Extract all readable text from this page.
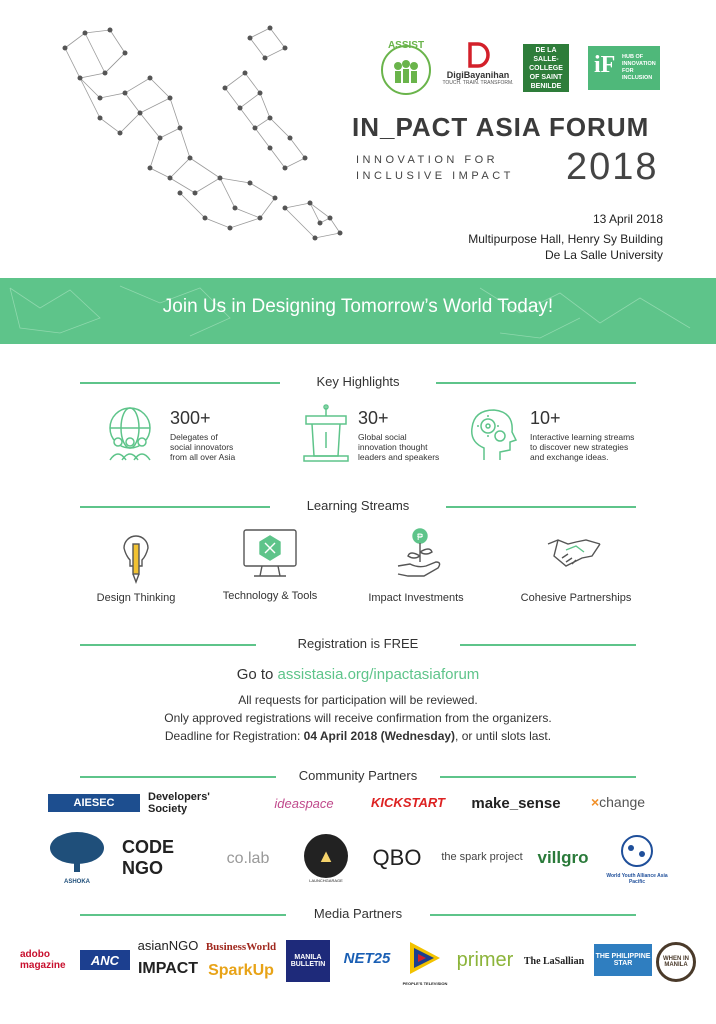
ASSIST
DigiBayanihan
TOUCH. TRAIN. TRANSFORM.
DE LA SALLE-COLLEGE OF SAINT BENILDE
iF HUB OF INNOVATION FOR INCLUSION
IN_PACT ASIA FORUM
INNOVATION FOR
INCLUSIVE IMPACT	2018
13 April 2018
Multipurpose Hall, Henry Sy Building
De La Salle University
Join Us in Designing Tomorrow’s World Today!
Key Highlights
300+
Delegates of
social innovators
from all over Asia
30+
Global social
innovation thought
leaders and speakers
10+
Interactive learning streams
to discover new strategies
and exchange ideas.
Learning Streams
Design Thinking	Technology & Tools
₱
Impact Investments	Cohesive Partnerships
Registration is FREE
Go to assistasia.org/inpactasiaforum
All requests for participation will be reviewed.
Only approved registrations will receive confirmation from the organizers.
Deadline for Registration: 04 April 2018 (Wednesday), or until slots last.
Community Partners
AIESEC	Developers' Society	ideaspace	KICKSTART	make_sense	× change
ASHOKA
CODE NGO	co.lab	▲
LAUNCHGARAGE
QBO	the spark project villgro
World Youth Alliance Asia Pacific
Media Partners
adobo magazine	ANC
asianNGO
IMPACT
BusinessWorld
SparkUp
MANILA BULLETIN	NET25
PEOPLE'S TELEVISION
primer	The LaSallian	THE PHILIPPINE STAR
WHEN IN MANILA
